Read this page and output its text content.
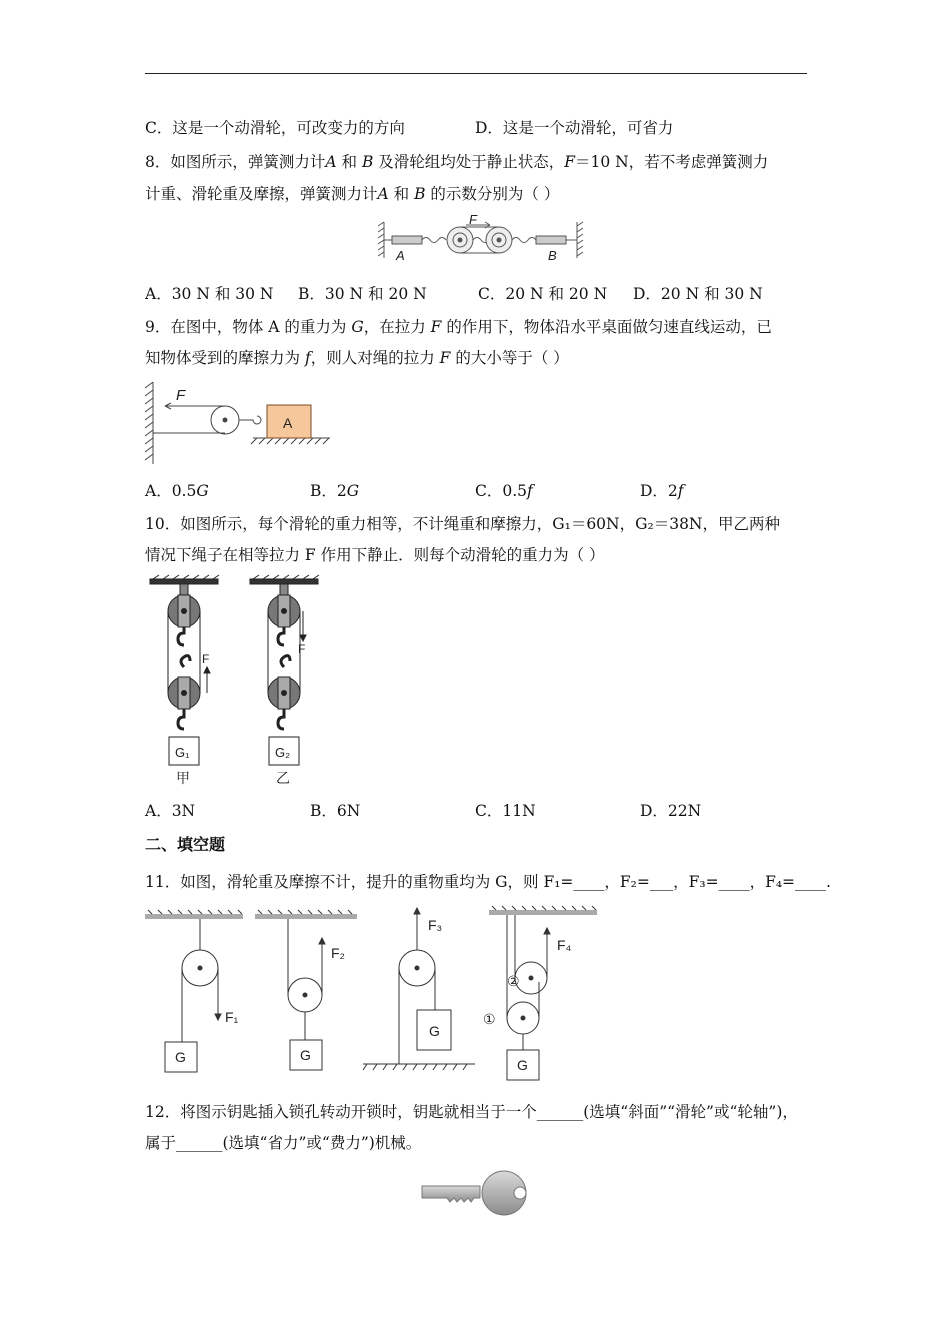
C．这是一个动滑轮，可改变力的方向	D．这是一个动滑轮，可省力
8．如图所示，弹簧测力计A 和 B 及滑轮组均处于静止状态，F＝10 N，若不考虑弹簧测力
计重、滑轮重及摩擦，弹簧测力计A 和 B 的示数分别为（ ）
F
A	B
A．30 N 和 30 N B．30 N 和 20 N	C．20 N 和 20 N D．20 N 和 30 N
9．在图中，物体 A 的重力为 G，在拉力 F 的作用下，物体沿水平桌面做匀速直线运动，已
知物体受到的摩擦力为 f，则人对绳的拉力 F 的大小等于（ ）
F
A
A．0.5G	B．2G	C．0.5f	D．2f
10．如图所示，每个滑轮的重力相等，不计绳重和摩擦力，G₁＝60N，G₂＝38N，甲乙两种
情况下绳子在相等拉力 F 作用下静止．则每个动滑轮的重力为（ ）
F
G₁
甲
F
G₂
乙
A．3N	B．6N	C．11N	D．22N
二、填空题
11．如图，滑轮重及摩擦不计，提升的重物重均为 G，则 F₁=____，F₂=___，F₃=____，F₄=____.
G
F₁
G
F₂
G
F₃
G
F₄
①
②
12．将图示钥匙插入锁孔转动开锁时，钥匙就相当于一个______(选填“斜面”“滑轮”或“轮轴”)，
属于______(选填“省力”或“费力”)机械。
